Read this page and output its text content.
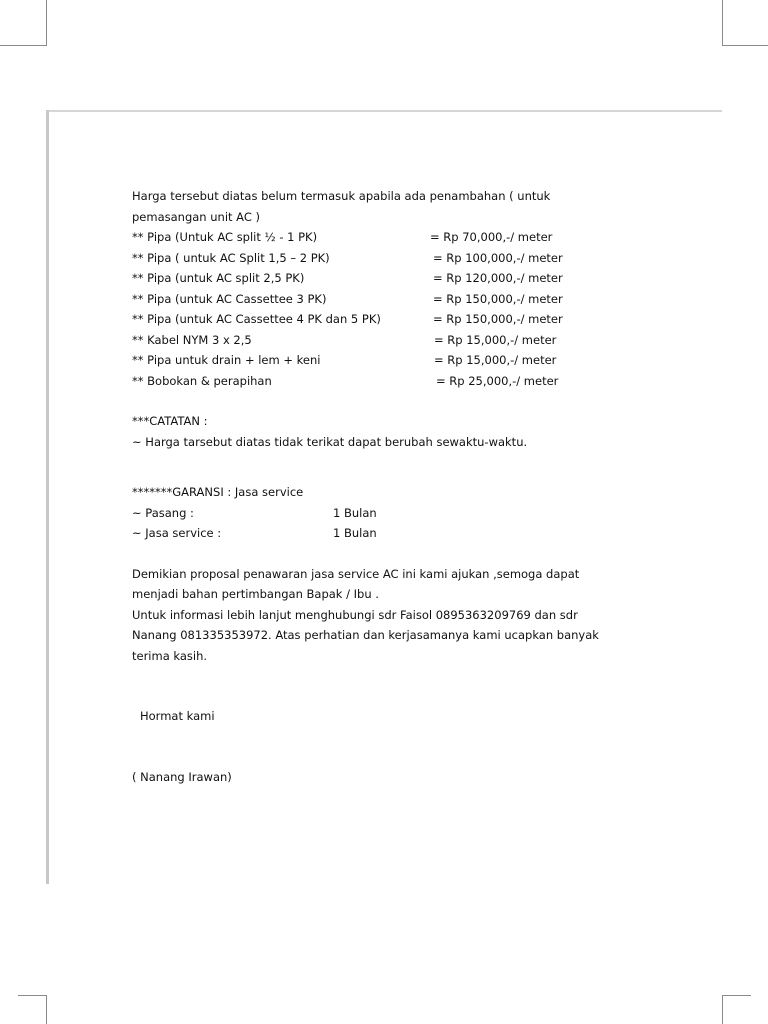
Harga tersebut diatas belum termasuk apabila ada penambahan ( untuk
pemasangan unit AC )
** Pipa (Untuk AC split ½ - 1 PK)	= Rp 70,000,-/ meter
** Pipa ( untuk AC Split 1,5 – 2 PK)	= Rp 100,000,-/ meter
** Pipa (untuk AC split 2,5 PK)	= Rp 120,000,-/ meter
** Pipa (untuk AC Cassettee 3 PK)	= Rp 150,000,-/ meter
** Pipa (untuk AC Cassettee 4 PK dan 5 PK)	= Rp 150,000,-/ meter
** Kabel NYM 3 x 2,5	= Rp 15,000,-/ meter
** Pipa untuk drain + lem + keni	= Rp 15,000,-/ meter
** Bobokan & perapihan	= Rp 25,000,-/ meter
***CATATAN :
~ Harga tarsebut diatas tidak terikat dapat berubah sewaktu-waktu.
*******GARANSI : Jasa service
~ Pasang :	1 Bulan
~ Jasa service :	1 Bulan
Demikian proposal penawaran jasa service AC ini kami ajukan ,semoga dapat
menjadi bahan pertimbangan Bapak / Ibu .
Untuk informasi lebih lanjut menghubungi sdr Faisol 0895363209769 dan sdr
Nanang 081335353972. Atas perhatian dan kerjasamanya kami ucapkan banyak
terima kasih.
Hormat kami
( Nanang Irawan)
